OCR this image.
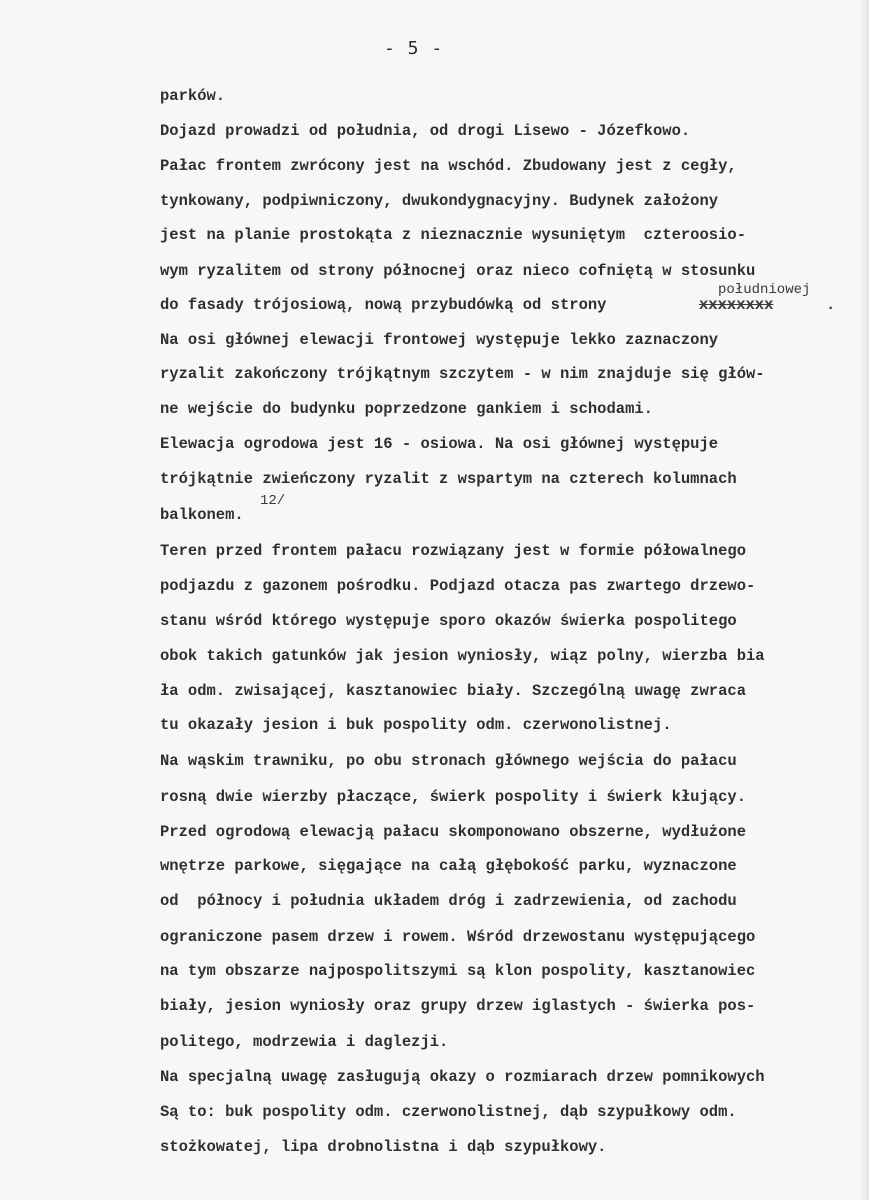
- 5 -

parków.

Dojazd prowadzi od południa, od drogi Lisewo - Józefkowo.

Pałac frontem zwrócony jest na wschód. Zbudowany jest z cegły,

tynkowany, podpiwniczony, dwukondygnacyjny. Budynek założony

jest na planie prostokąta z nieznacznie wysuniętym  czteroosio-

wym ryzalitem od strony północnej oraz nieco cofniętą w stosunku

południowej

do fasady trójosiową, nową przybudówką od strony	xxxxxxxx	.

Na osi głównej elewacji frontowej występuje lekko zaznaczony

ryzalit zakończony trójkątnym szczytem - w nim znajduje się głów-

ne wejście do budynku poprzedzone gankiem i schodami.

Elewacja ogrodowa jest 16 - osiowa. Na osi głównej występuje

trójkątnie zwieńczony ryzalit z wspartym na czterech kolumnach

12/

balkonem.

Teren przed frontem pałacu rozwiązany jest w formie półowalnego

podjazdu z gazonem pośrodku. Podjazd otacza pas zwartego drzewo-

stanu wśród którego występuje sporo okazów świerka pospolitego

obok takich gatunków jak jesion wyniosły, wiąz polny, wierzba bia

ła odm. zwisającej, kasztanowiec biały. Szczególną uwagę zwraca

tu okazały jesion i buk pospolity odm. czerwonolistnej.

Na wąskim trawniku, po obu stronach głównego wejścia do pałacu

rosną dwie wierzby płaczące, świerk pospolity i świerk kłujący.

Przed ogrodową elewacją pałacu skomponowano obszerne, wydłużone

wnętrze parkowe, sięgające na całą głębokość parku, wyznaczone

od  północy i południa układem dróg i zadrzewienia, od zachodu

ograniczone pasem drzew i rowem. Wśród drzewostanu występującego

na tym obszarze najpospolitszymi są klon pospolity, kasztanowiec

biały, jesion wyniosły oraz grupy drzew iglastych - świerka pos-

politego, modrzewia i daglezji.

Na specjalną uwagę zasługują okazy o rozmiarach drzew pomnikowych

Są to: buk pospolity odm. czerwonolistnej, dąb szypułkowy odm.

stożkowatej, lipa drobnolistna i dąb szypułkowy.
